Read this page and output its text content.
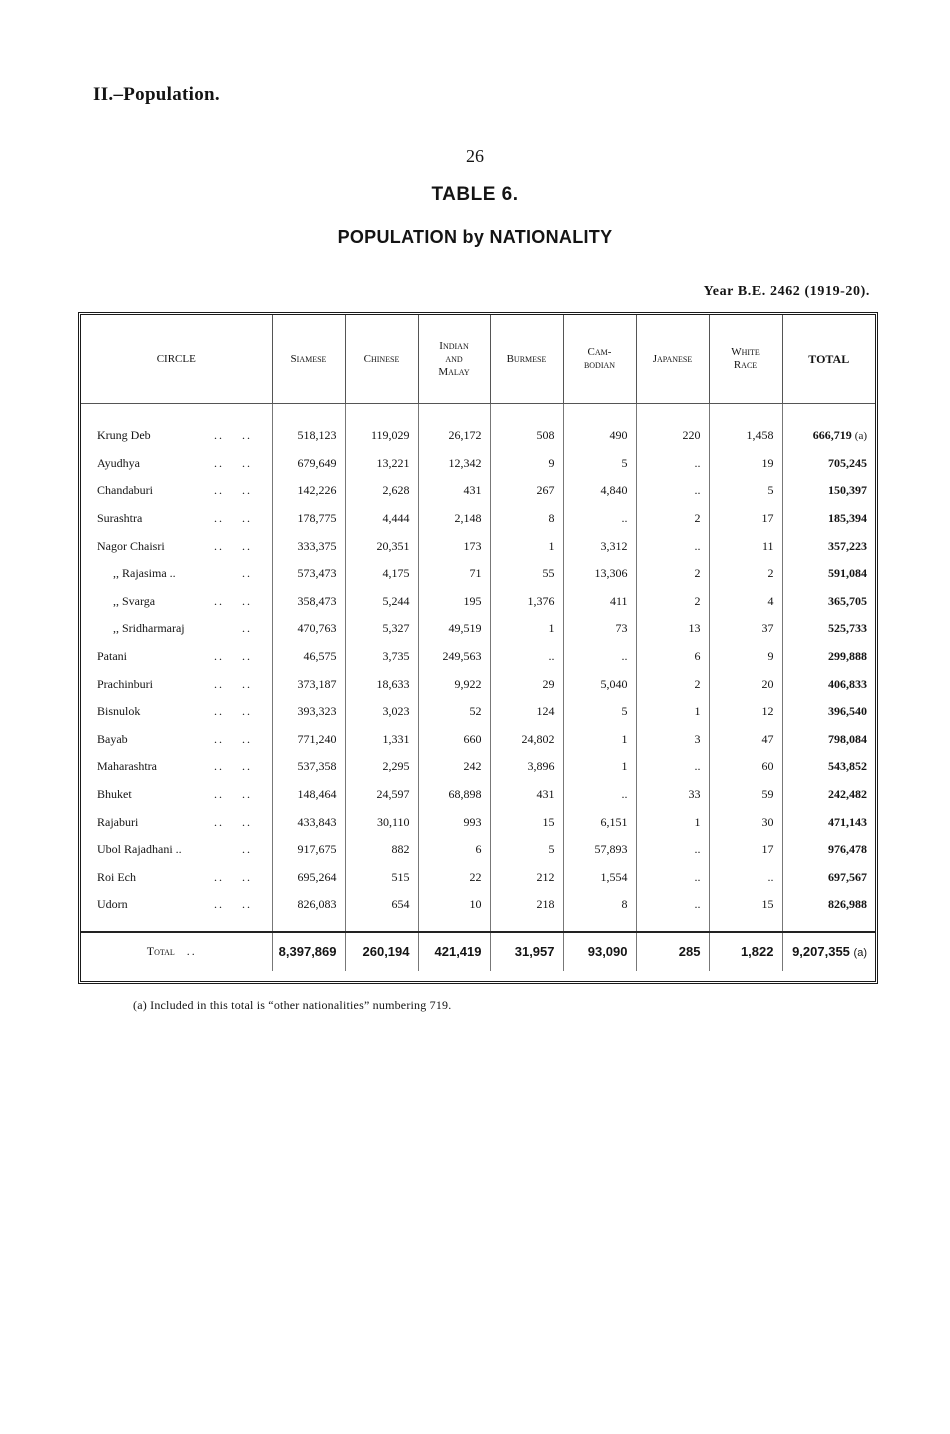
II.–Population.
26
TABLE 6.
POPULATION by NATIONALITY
Year B.E. 2462 (1919-20).
CIRCLE	Siamese	Chinese	Indian
and
Malay	Burmese	Cam-
bodian	Japanese	White
Race	TOTAL
Krung Deb .. ..	518,123	119,029	26,172	508	490	220	1,458	666,719 (a)
Ayudhya .. ..	679,649	13,221	12,342	9	5	..	19	705,245
Chandaburi .. ..	142,226	2,628	431	267	4,840	..	5	150,397
Surashtra .. ..	178,775	4,444	2,148	8	..	2	17	185,394
Nagor Chaisri .. ..	333,375	20,351	173	1	3,312	..	11	357,223
,, Rajasima .. ..	573,473	4,175	71	55	13,306	2	2	591,084
,, Svarga .. ..	358,473	5,244	195	1,376	411	2	4	365,705
,, Sridharmaraj ..	470,763	5,327	49,519	1	73	13	37	525,733
Patani .. ..	46,575	3,735	249,563	..	..	6	9	299,888
Prachinburi .. ..	373,187	18,633	9,922	29	5,040	2	20	406,833
Bisnulok .. ..	393,323	3,023	52	124	5	1	12	396,540
Bayab .. ..	771,240	1,331	660	24,802	1	3	47	798,084
Maharashtra .. ..	537,358	2,295	242	3,896	1	..	60	543,852
Bhuket .. ..	148,464	24,597	68,898	431	..	33	59	242,482
Rajaburi .. ..	433,843	30,110	993	15	6,151	1	30	471,143
Ubol Rajadhani .. ..	917,675	882	6	5	57,893	..	17	976,478
Roi Ech .. ..	695,264	515	22	212	1,554	..	..	697,567
Udorn .. ..	826,083	654	10	218	8	..	15	826,988
Total ..	8,397,869	260,194	421,419	31,957	93,090	285	1,822	9,207,355 (a)
(a) Included in this total is “other nationalities” numbering 719.
